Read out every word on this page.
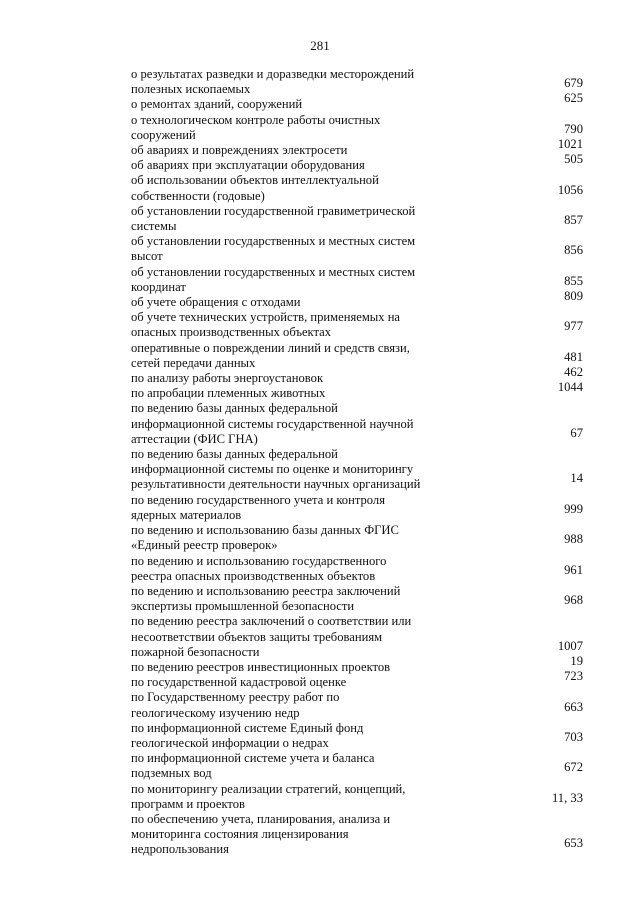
281
о результатах разведки и доразведки месторождений
полезных ископаемых	679
о ремонтах зданий, сооружений	625
о технологическом контроле работы очистных
сооружений	790
об авариях и повреждениях электросети	1021
об авариях при эксплуатации оборудования	505
об использовании объектов интеллектуальной
собственности (годовые)	1056
об установлении государственной гравиметрической
системы	857
об установлении государственных и местных систем
высот	856
об установлении государственных и местных систем
координат	855
об учете обращения с отходами	809
об учете технических устройств, применяемых на
опасных производственных объектах	977
оперативные о повреждении линий и средств связи,
сетей передачи данных	481
по анализу работы энергоустановок	462
по апробации племенных животных	1044
по ведению базы данных федеральной
информационной системы государственной научной
аттестации (ФИС ГНА)	67
по ведению базы данных федеральной
информационной системы по оценке и мониторингу
результативности деятельности научных организаций	14
по ведению государственного учета и контроля
ядерных материалов	999
по ведению и использованию базы данных ФГИС
«Единый реестр проверок»	988
по ведению и использованию государственного
реестра опасных производственных объектов	961
по ведению и использованию реестра заключений
экспертизы промышленной безопасности	968
по ведению реестра заключений о соответствии или
несоответствии объектов защиты требованиям
пожарной безопасности	1007
по ведению реестров инвестиционных проектов	19
по государственной кадастровой оценке	723
по Государственному реестру работ по
геологическому изучению недр	663
по информационной системе Единый фонд
геологической информации о недрах	703
по информационной системе учета и баланса
подземных вод	672
по мониторингу реализации стратегий, концепций,
программ и проектов	11, 33
по обеспечению учета, планирования, анализа и
мониторинга состояния лицензирования
недропользования	653
